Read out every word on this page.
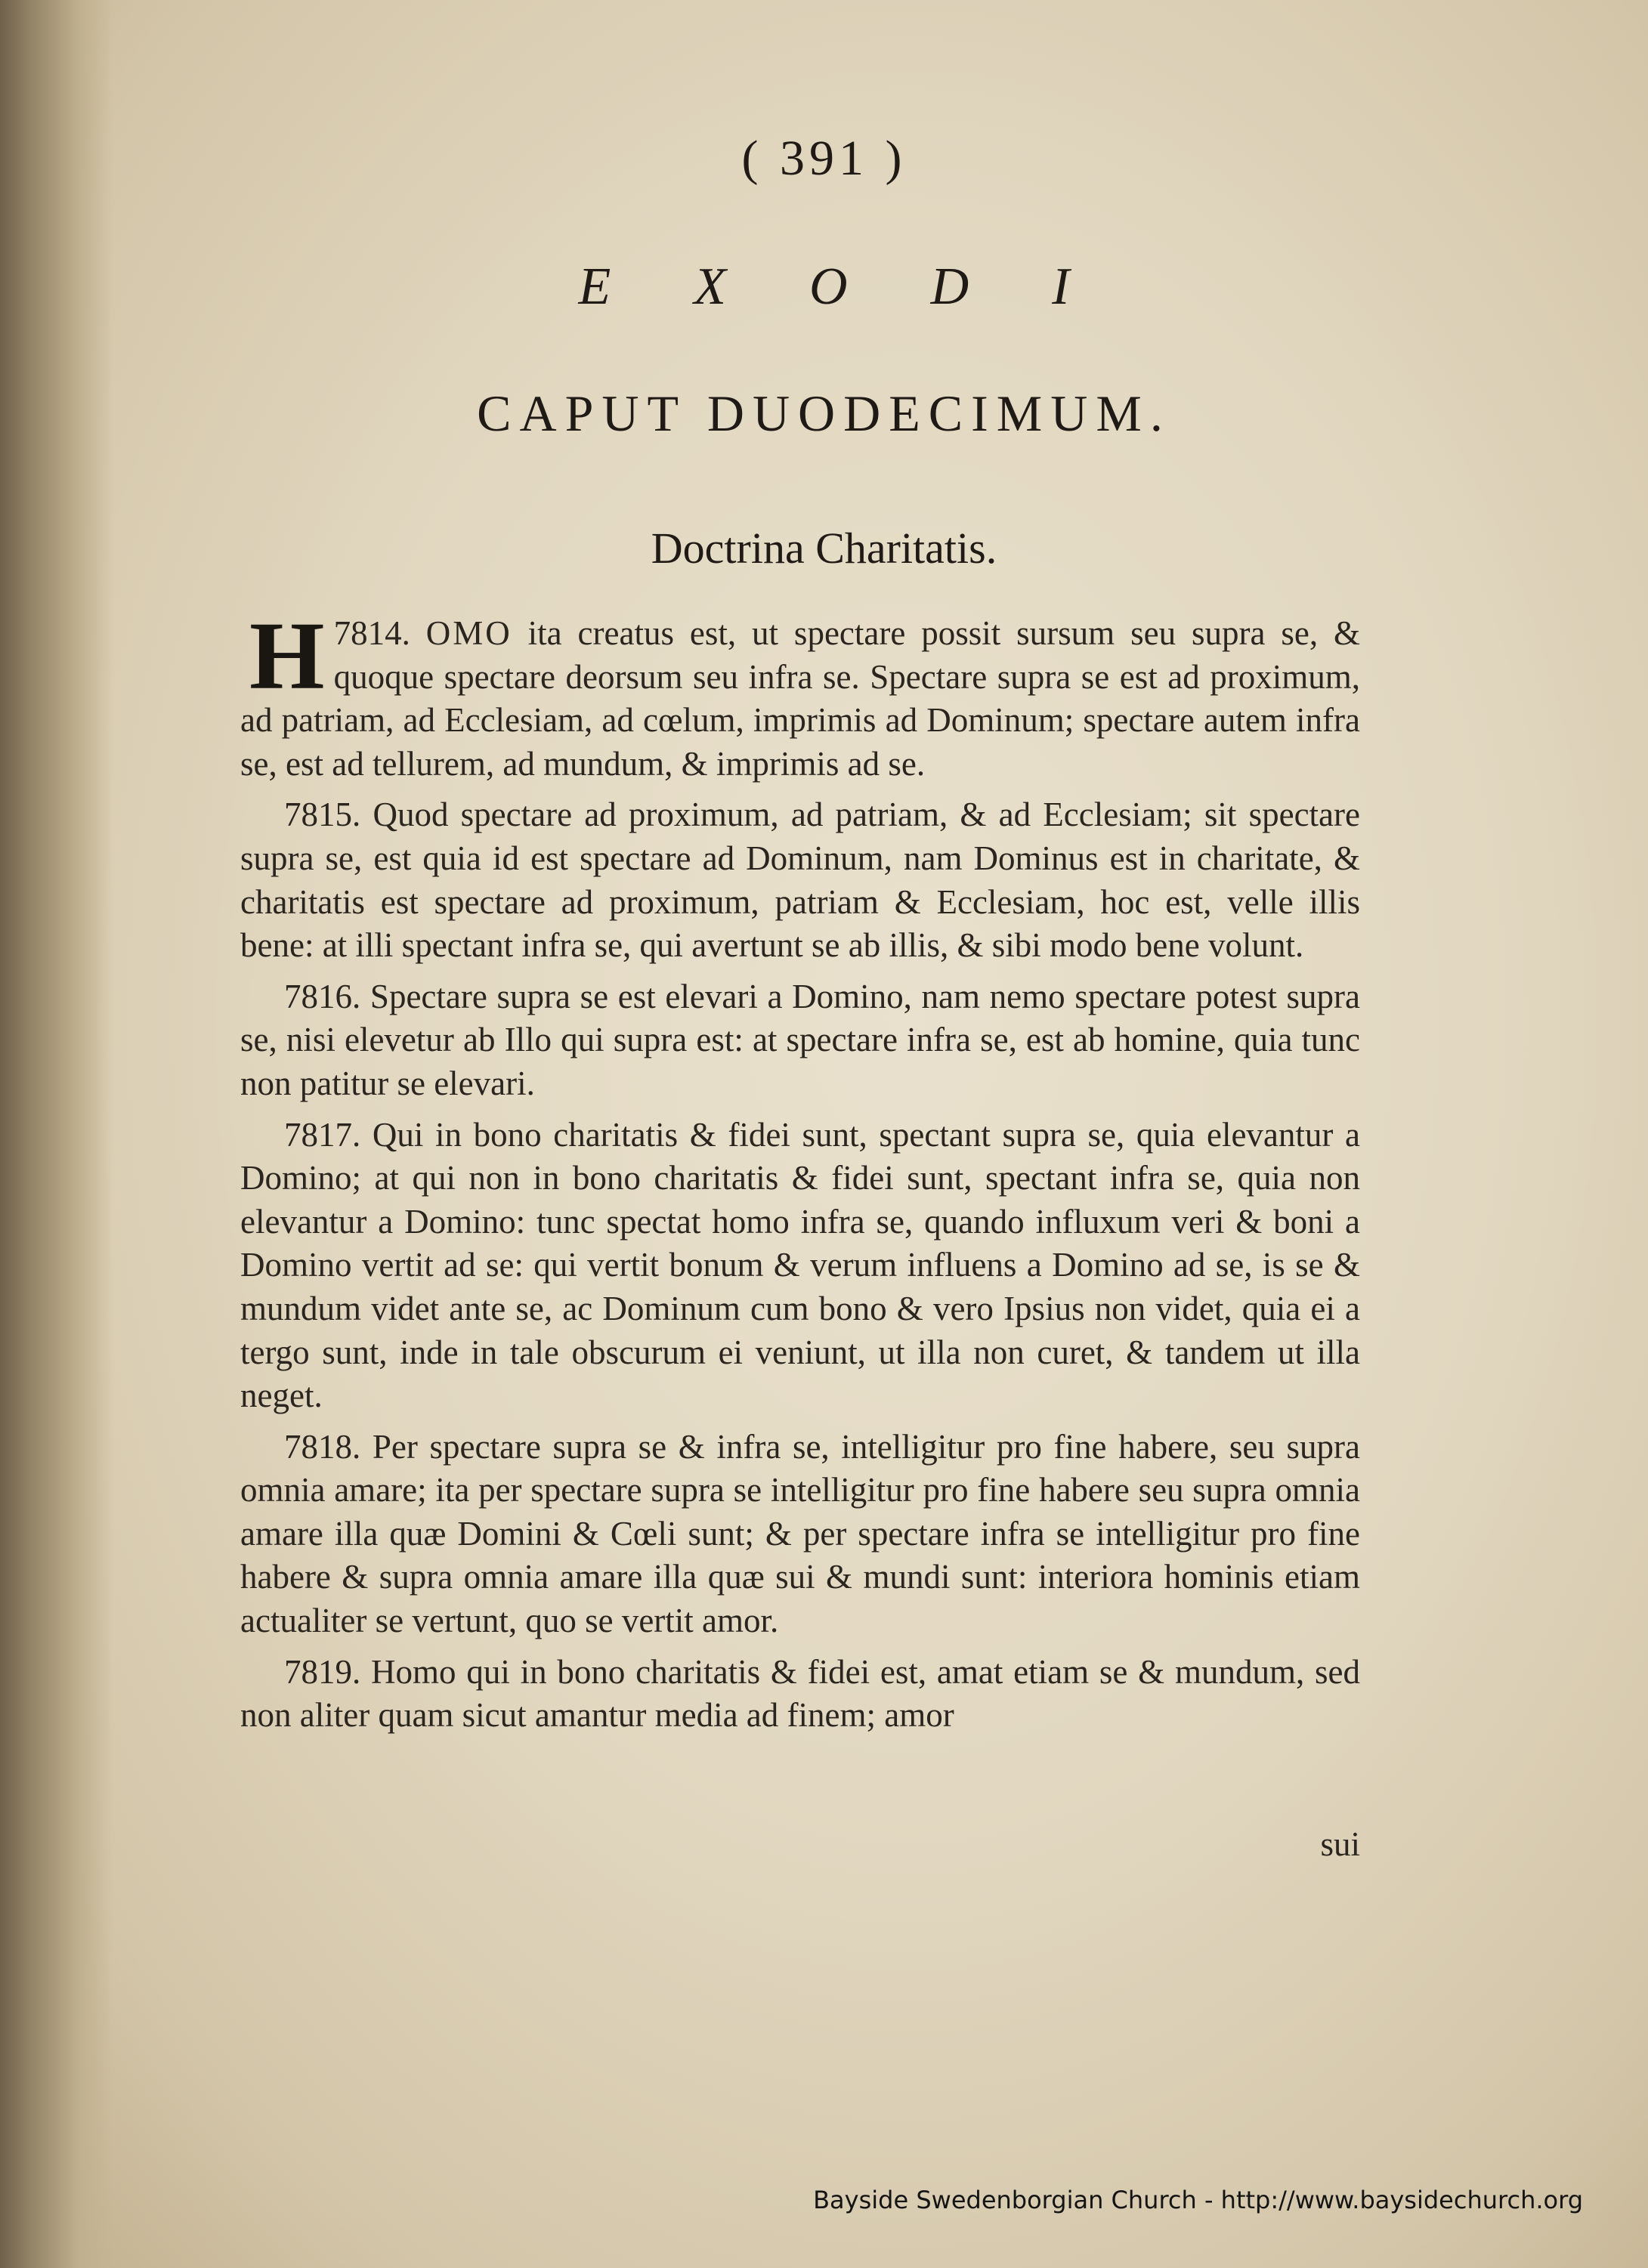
( 391 )
EXODI
CAPUT DUODECIMUM.
Doctrina Charitatis.

7814.
H	OMO ita creatus est, ut spectare possit sursum seu supra se, & quoque spectare deorsum seu infra se. Spectare supra se est ad proximum, ad patriam, ad Ecclesiam, ad cœlum, imprimis ad Dominum; spectare autem infra se, est ad tellurem, ad mundum, & imprimis ad se.

7815. Quod spectare ad proximum, ad patriam, & ad Ecclesiam; sit spectare supra se, est quia id est spectare ad Dominum, nam Dominus est in charitate, & charitatis est spectare ad proximum, patriam & Ecclesiam, hoc est, velle illis bene: at illi spectant infra se, qui avertunt se ab illis, & sibi modo bene volunt.

7816. Spectare supra se est elevari a Domino, nam nemo spectare potest supra se, nisi elevetur ab Illo qui supra est: at spectare infra se, est ab homine, quia tunc non patitur se elevari.

7817. Qui in bono charitatis & fidei sunt, spectant supra se, quia elevantur a Domino; at qui non in bono charitatis & fidei sunt, spectant infra se, quia non elevantur a Domino: tunc spectat homo infra se, quando influxum veri & boni a Domino vertit ad se: qui vertit bonum & verum influens a Domino ad se, is se & mundum videt ante se, ac Dominum cum bono & vero Ipsius non videt, quia ei a tergo sunt, inde in tale obscurum ei veniunt, ut illa non curet, & tandem ut illa neget.

7818. Per spectare supra se & infra se, intelligitur pro fine habere, seu supra omnia amare; ita per spectare supra se intelligitur pro fine habere seu supra omnia amare illa quæ Domini & Cœli sunt; & per spectare infra se intelligitur pro fine habere & supra omnia amare illa quæ sui & mundi sunt: interiora hominis etiam actualiter se vertunt, quo se vertit amor.

7819. Homo qui in bono charitatis & fidei est, amat etiam se & mundum, sed non aliter quam sicut amantur media ad finem; amor

sui
Bayside Swedenborgian Church - http://www.baysidechurch.org
